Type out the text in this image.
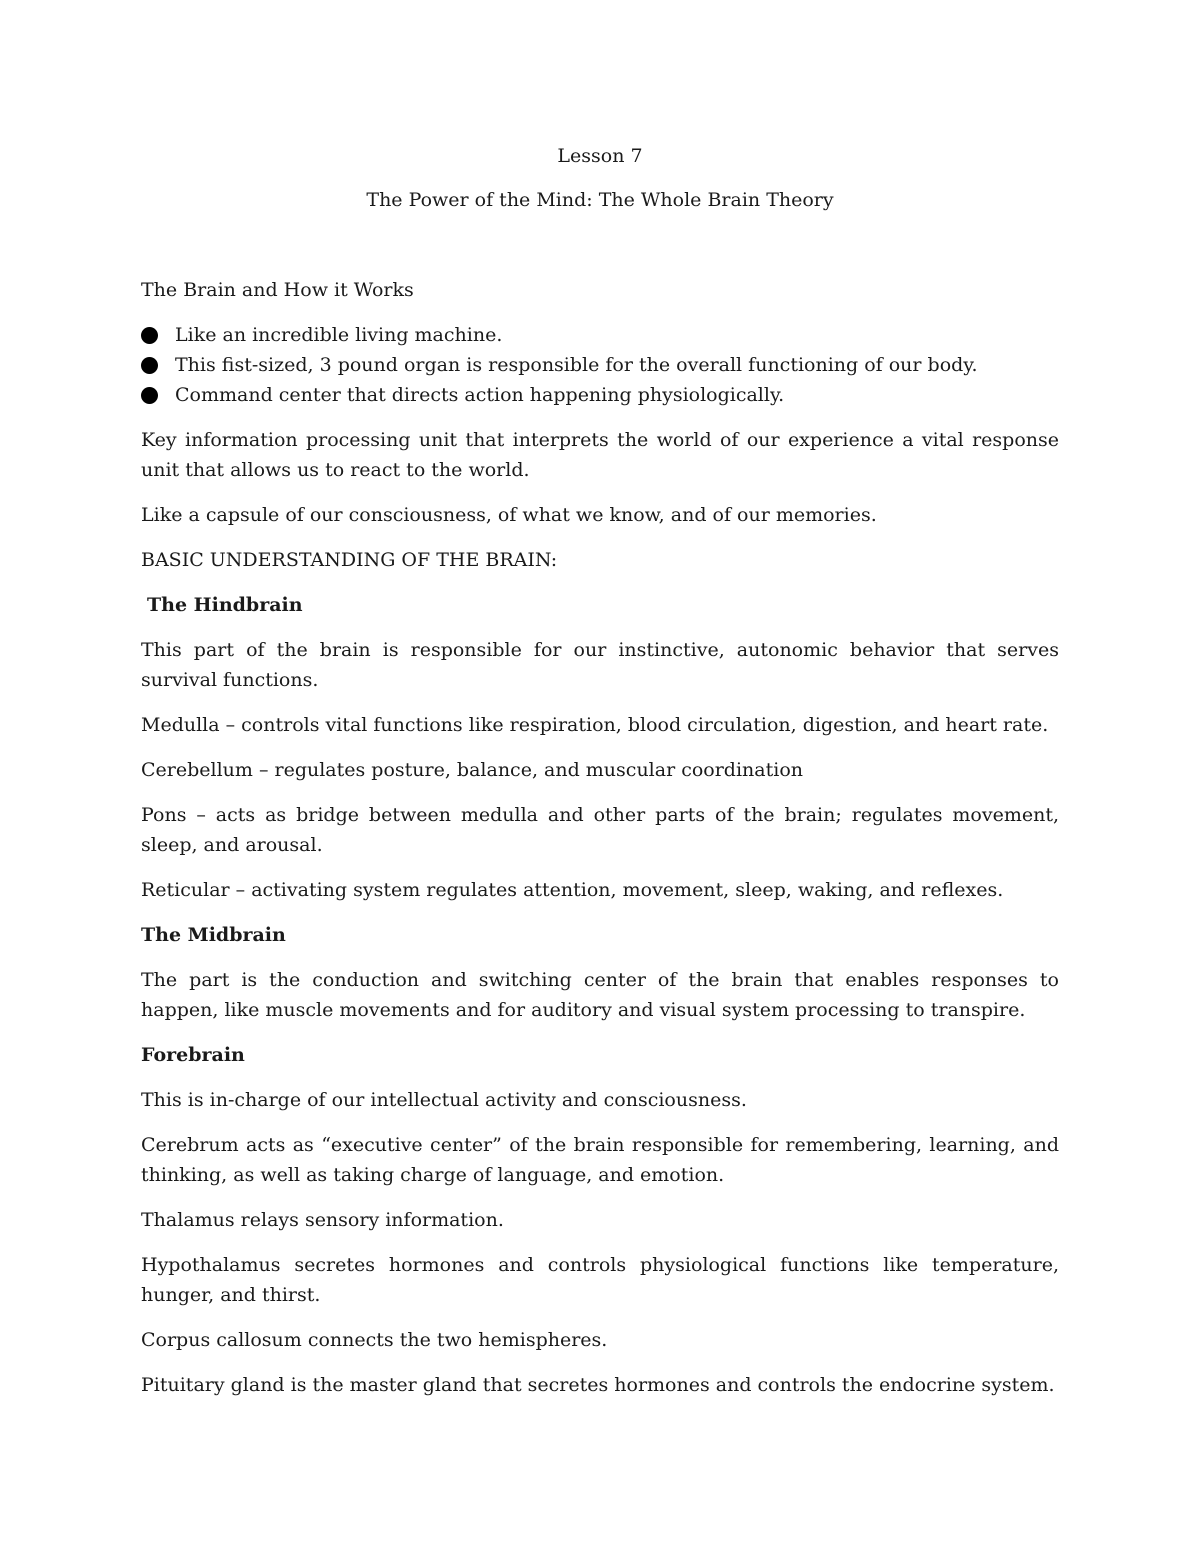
Lesson 7

The Power of the Mind: The Whole Brain Theory

The Brain and How it Works

Like an incredible living machine.
This fist-sized, 3 pound organ is responsible for the overall functioning of our body.
Command center that directs action happening physiologically.

Key information processing unit that interprets the world of our experience a vital response unit that allows us to react to the world.

Like a capsule of our consciousness, of what we know, and of our memories.

BASIC UNDERSTANDING OF THE BRAIN:

The Hindbrain

This part of the brain is responsible for our instinctive, autonomic behavior that serves survival functions.

Medulla – controls vital functions like respiration, blood circulation, digestion, and heart rate.

Cerebellum – regulates posture, balance, and muscular coordination

Pons – acts as bridge between medulla and other parts of the brain; regulates movement, sleep, and arousal.

Reticular – activating system regulates attention, movement, sleep, waking, and reflexes.

The Midbrain

The part is the conduction and switching center of the brain that enables responses to happen, like muscle movements and for auditory and visual system processing to transpire.

Forebrain

This is in-charge of our intellectual activity and consciousness.

Cerebrum acts as “executive center” of the brain responsible for remembering, learning, and thinking, as well as taking charge of language, and emotion.

Thalamus relays sensory information.

Hypothalamus secretes hormones and controls physiological functions like temperature, hunger, and thirst.

Corpus callosum connects the two hemispheres.

Pituitary gland is the master gland that secretes hormones and controls the endocrine system.
